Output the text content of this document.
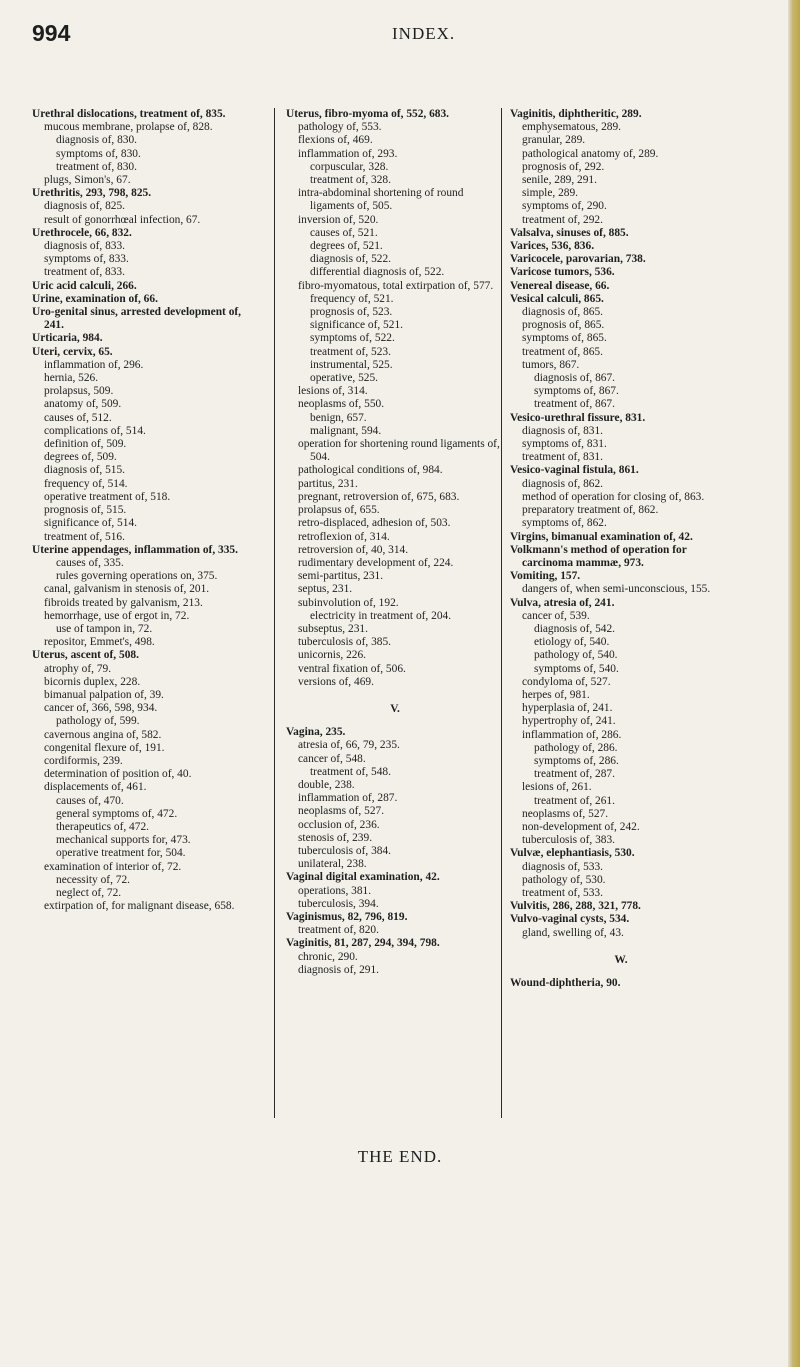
994	INDEX.
Urethral dislocations, treatment of, 835.
mucous membrane, prolapse of, 828.
diagnosis of, 830.
symptoms of, 830.
treatment of, 830.
plugs, Simon's, 67.
Urethritis, 293, 798, 825.
diagnosis of, 825.
result of gonorrhœal infection, 67.
Urethrocele, 66, 832.
diagnosis of, 833.
symptoms of, 833.
treatment of, 833.
Uric acid calculi, 266.
Urine, examination of, 66.
Uro-genital sinus, arrested development of, 241.
Urticaria, 984.
Uteri, cervix, 65.
inflammation of, 296.
hernia, 526.
prolapsus, 509.
anatomy of, 509.
causes of, 512.
complications of, 514.
definition of, 509.
degrees of, 509.
diagnosis of, 515.
frequency of, 514.
operative treatment of, 518.
prognosis of, 515.
significance of, 514.
treatment of, 516.
Uterine appendages, inflammation of, 335.
causes of, 335.
rules governing operations on, 375.
canal, galvanism in stenosis of, 201.
fibroids treated by galvanism, 213.
hemorrhage, use of ergot in, 72.
use of tampon in, 72.
repositor, Emmet's, 498.
Uterus, ascent of, 508.
atrophy of, 79.
bicornis duplex, 228.
bimanual palpation of, 39.
cancer of, 366, 598, 934.
pathology of, 599.
cavernous angina of, 582.
congenital flexure of, 191.
cordiformis, 239.
determination of position of, 40.
displacements of, 461.
causes of, 470.
general symptoms of, 472.
therapeutics of, 472.
mechanical supports for, 473.
operative treatment for, 504.
examination of interior of, 72.
necessity of, 72.
neglect of, 72.
extirpation of, for malignant disease, 658.
Uterus, fibro-myoma of, 552, 683.
pathology of, 553.
flexions of, 469.
inflammation of, 293.
corpuscular, 328.
treatment of, 328.
intra-abdominal shortening of round ligaments of, 505.
inversion of, 520.
causes of, 521.
degrees of, 521.
diagnosis of, 522.
differential diagnosis of, 522.
fibro-myomatous, total extirpation of, 577.
frequency of, 521.
prognosis of, 523.
significance of, 521.
symptoms of, 522.
treatment of, 523.
instrumental, 525.
operative, 525.
lesions of, 314.
neoplasms of, 550.
benign, 657.
malignant, 594.
operation for shortening round ligaments of, 504.
pathological conditions of, 984.
partitus, 231.
pregnant, retroversion of, 675, 683.
prolapsus of, 655.
retro-displaced, adhesion of, 503.
retroflexion of, 314.
retroversion of, 40, 314.
rudimentary development of, 224.
semi-partitus, 231.
septus, 231.
subinvolution of, 192.
electricity in treatment of, 204.
subseptus, 231.
tuberculosis of, 385.
unicornis, 226.
ventral fixation of, 506.
versions of, 469.
V.
Vagina, 235.
atresia of, 66, 79, 235.
cancer of, 548.
treatment of, 548.
double, 238.
inflammation of, 287.
neoplasms of, 527.
occlusion of, 236.
stenosis of, 239.
tuberculosis of, 384.
unilateral, 238.
Vaginal digital examination, 42.
operations, 381.
tuberculosis, 394.
Vaginismus, 82, 796, 819.
treatment of, 820.
Vaginitis, 81, 287, 294, 394, 798.
chronic, 290.
diagnosis of, 291.
Vaginitis, diphtheritic, 289.
emphysematous, 289.
granular, 289.
pathological anatomy of, 289.
prognosis of, 292.
senile, 289, 291.
simple, 289.
symptoms of, 290.
treatment of, 292.
Valsalva, sinuses of, 885.
Varices, 536, 836.
Varicocele, parovarian, 738.
Varicose tumors, 536.
Venereal disease, 66.
Vesical calculi, 865.
diagnosis of, 865.
prognosis of, 865.
symptoms of, 865.
treatment of, 865.
tumors, 867.
diagnosis of, 867.
symptoms of, 867.
treatment of, 867.
Vesico-urethral fissure, 831.
diagnosis of, 831.
symptoms of, 831.
treatment of, 831.
Vesico-vaginal fistula, 861.
diagnosis of, 862.
method of operation for closing of, 863.
preparatory treatment of, 862.
symptoms of, 862.
Virgins, bimanual examination of, 42.
Volkmann's method of operation for carcinoma mammæ, 973.
Vomiting, 157.
dangers of, when semi-unconscious, 155.
Vulva, atresia of, 241.
cancer of, 539.
diagnosis of, 542.
etiology of, 540.
pathology of, 540.
symptoms of, 540.
condyloma of, 527.
herpes of, 981.
hyperplasia of, 241.
hypertrophy of, 241.
inflammation of, 286.
pathology of, 286.
symptoms of, 286.
treatment of, 287.
lesions of, 261.
treatment of, 261.
neoplasms of, 527.
non-development of, 242.
tuberculosis of, 383.
Vulvæ, elephantiasis, 530.
diagnosis of, 533.
pathology of, 530.
treatment of, 533.
Vulvitis, 286, 288, 321, 778.
Vulvo-vaginal cysts, 534.
gland, swelling of, 43.
W.
Wound-diphtheria, 90.
THE END.
